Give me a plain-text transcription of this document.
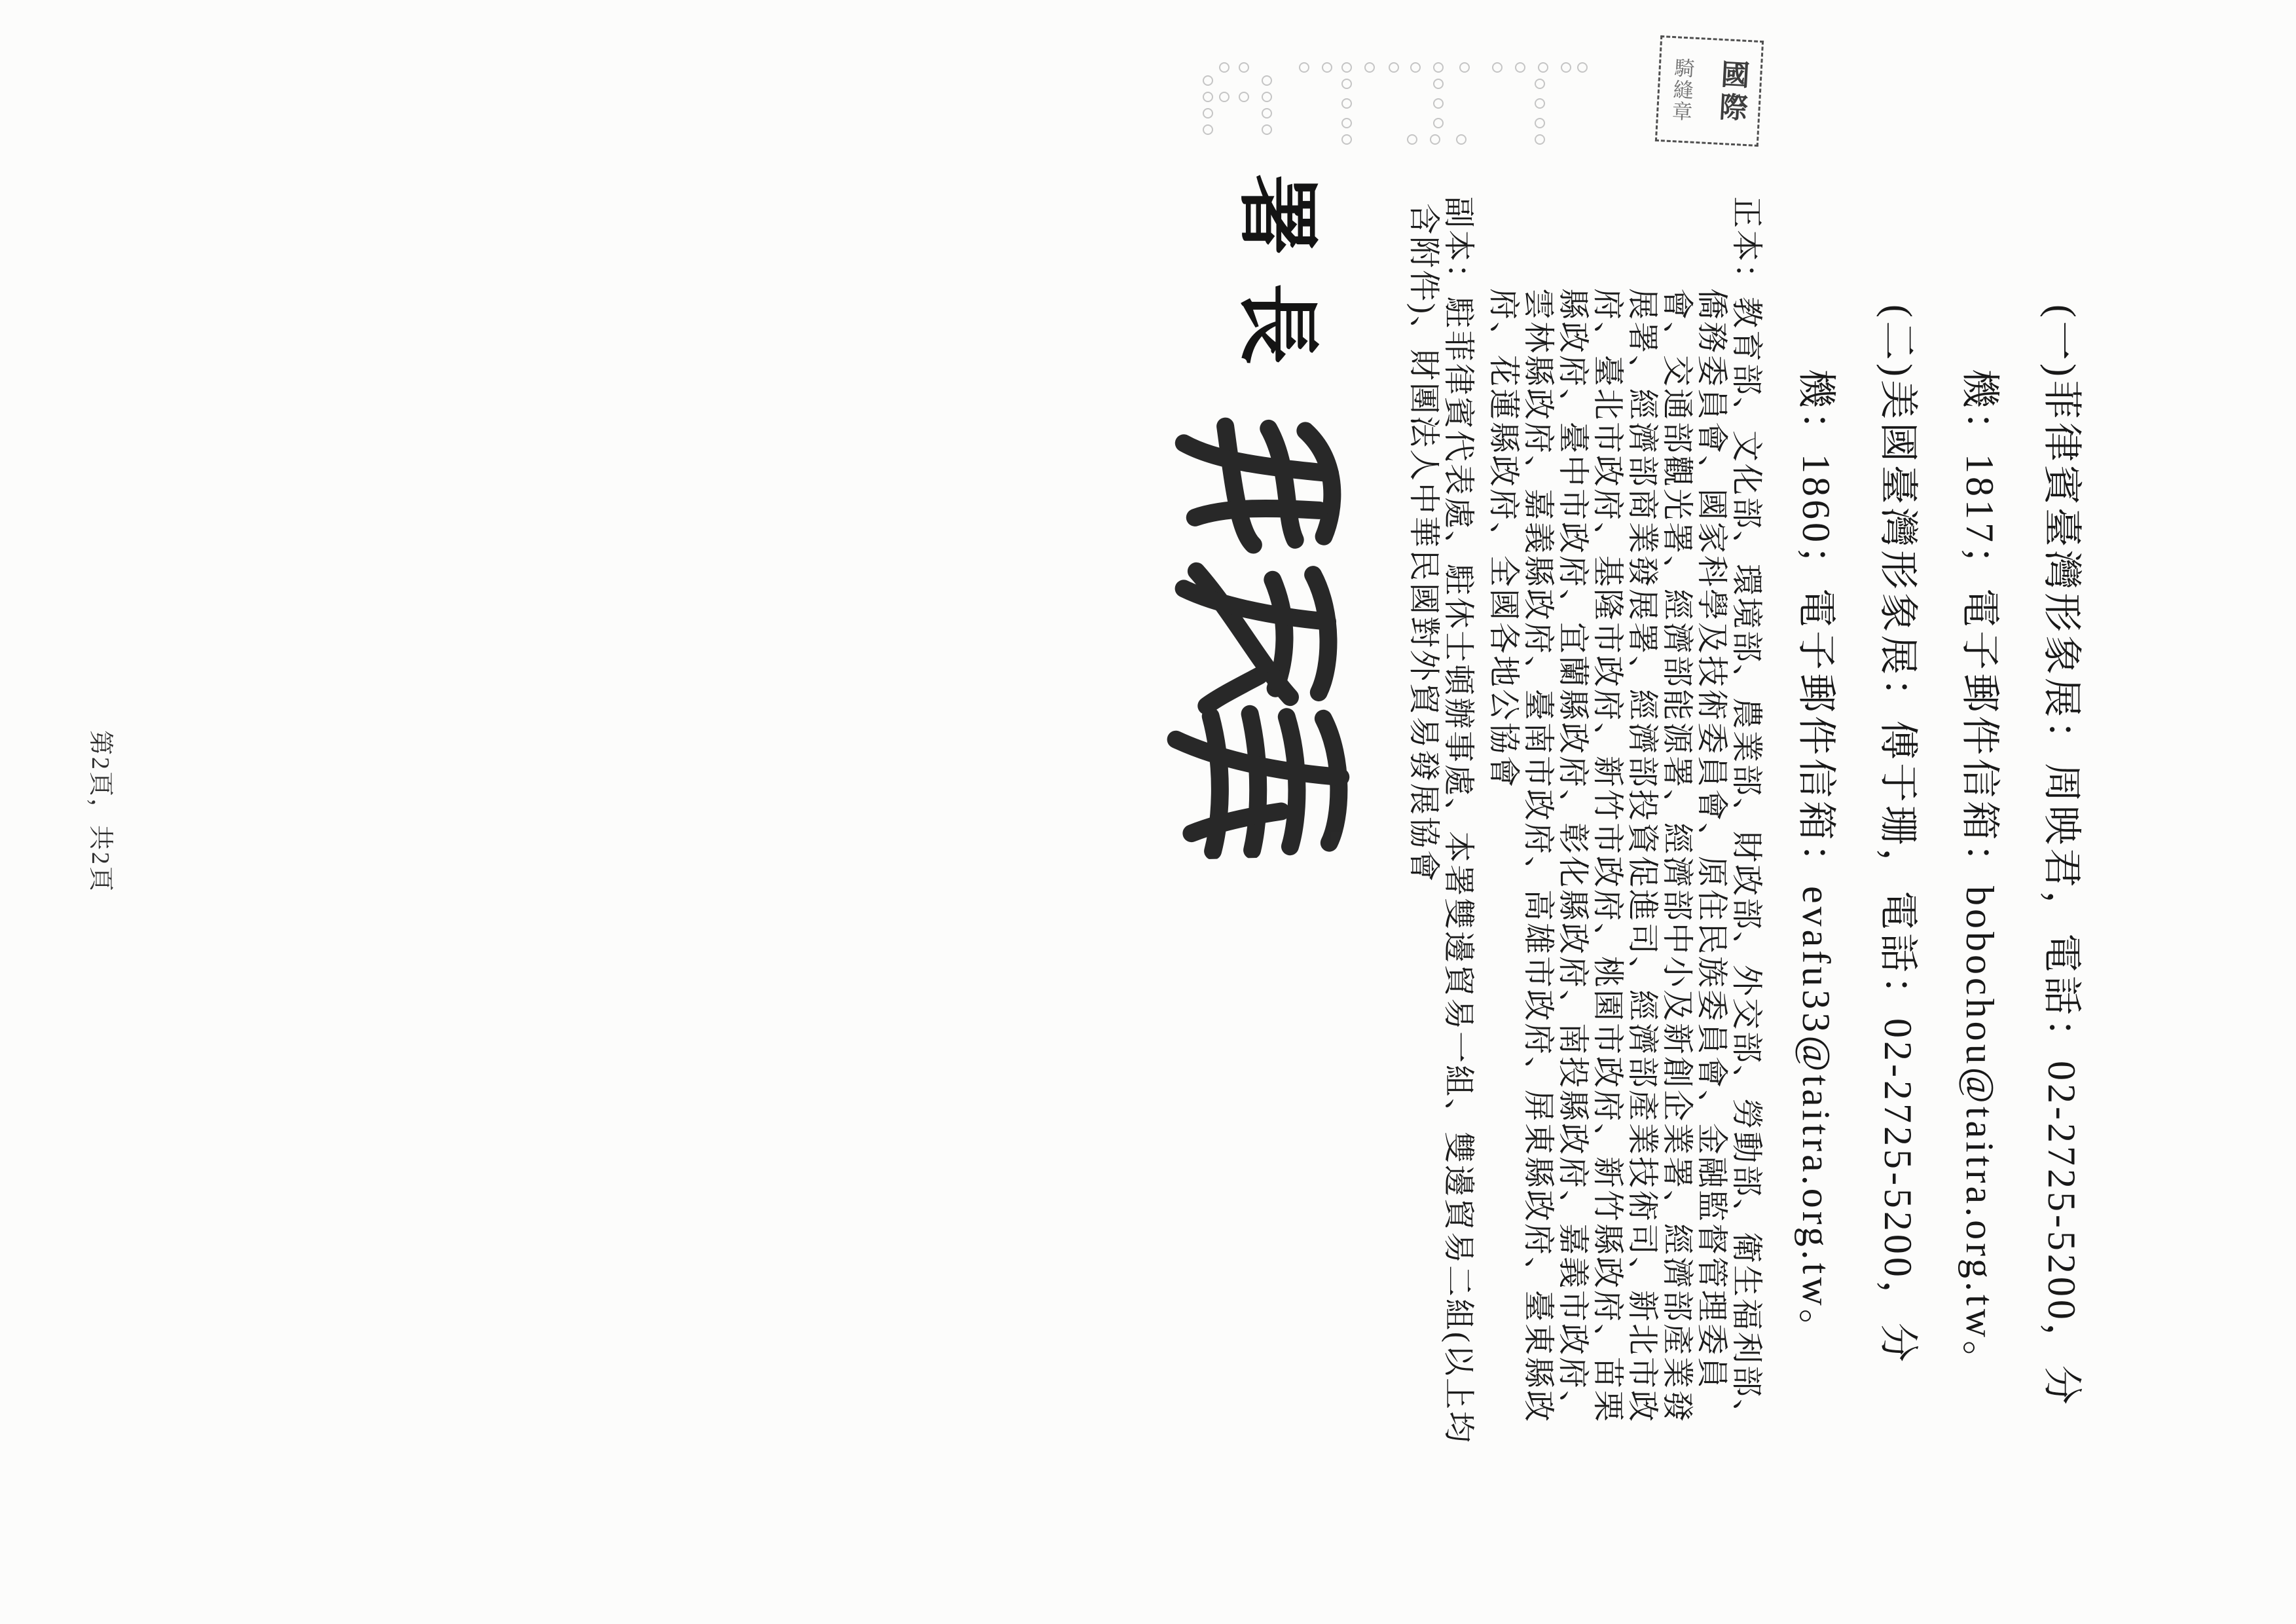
(一)菲律賓臺灣形象展：周映君，電話：02-2725-5200，分
機：1817；電子郵件信箱：bobochou@taitra.org.tw。
(二)美國臺灣形象展：傅于珊，電話：02-2725-5200，分
機：1860；電子郵件信箱：evafu33@taitra.org.tw。
正本：教育部、文化部、環境部、農業部、財政部、外交部、勞動部、衛生福利部、
僑務委員會、國家科學及技術委員會、原住民族委員會、金融監督管理委員
會、交通部觀光署、經濟部能源署、經濟部中小及新創企業署、經濟部產業發
展署、經濟部商業發展署、經濟部投資促進司、經濟部產業技術司、新北市政
府、臺北市政府、基隆市政府、新竹市政府、桃園市政府、新竹縣政府、苗栗
縣政府、臺中市政府、宜蘭縣政府、彰化縣政府、南投縣政府、嘉義市政府、
雲林縣政府、嘉義縣政府、臺南市政府、高雄市政府、屏東縣政府、臺東縣政
府、花蓮縣政府、全國各地公協會
副本：駐菲律賓代表處、駐休士頓辦事處、本署雙邊貿易一組、雙邊貿易二組(以上均
含附件)、財團法人中華民國對外貿易發展協會
署長
國際
騎縫章
第2頁，共2頁
